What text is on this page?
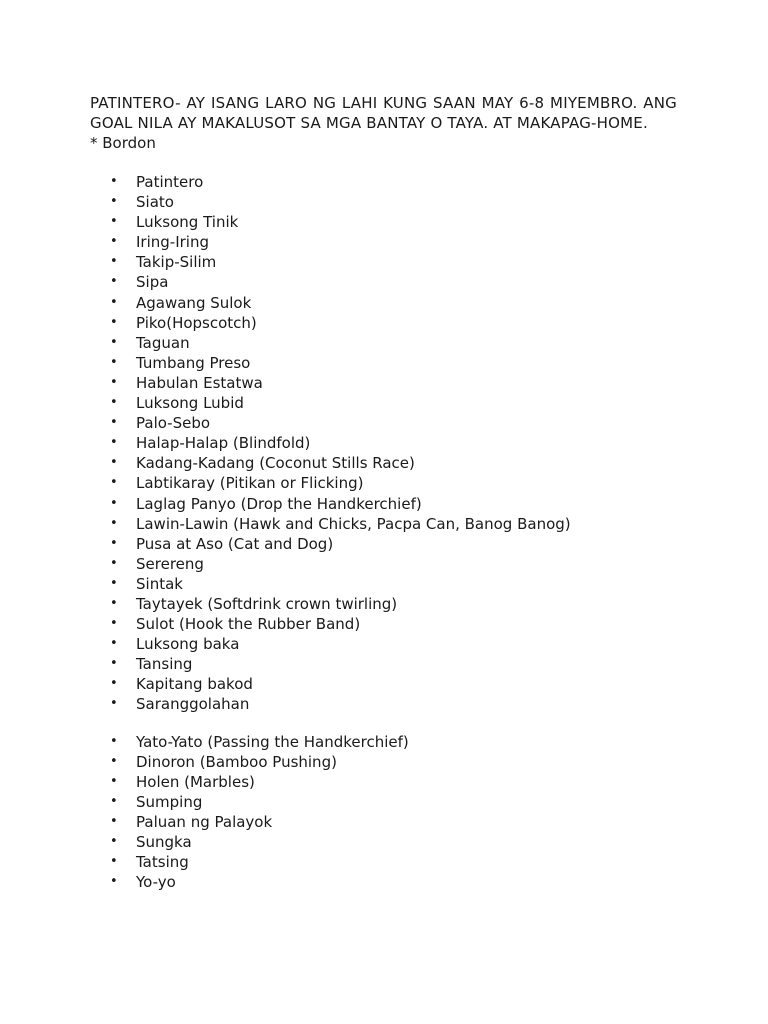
PATINTERO- AY ISANG LARO NG LAHI KUNG SAAN MAY 6-8 MIYEMBRO. ANG GOAL NILA AY MAKALUSOT SA MGA BANTAY O TAYA. AT MAKAPAG-HOME.

* Bordon

• Patintero
• Siato
• Luksong Tinik
• Iring-Iring
• Takip-Silim
• Sipa
• Agawang Sulok
• Piko(Hopscotch)
• Taguan
• Tumbang Preso
• Habulan Estatwa
• Luksong Lubid
• Palo-Sebo
• Halap-Halap (Blindfold)
• Kadang-Kadang (Coconut Stills Race)
• Labtikaray (Pitikan or Flicking)
• Laglag Panyo (Drop the Handkerchief)
• Lawin-Lawin (Hawk and Chicks, Pacpa Can, Banog Banog)
• Pusa at Aso (Cat and Dog)
• Serereng
• Sintak
• Taytayek (Softdrink crown twirling)
• Sulot (Hook the Rubber Band)
• Luksong baka
• Tansing
• Kapitang bakod
• Saranggolahan
• Yato-Yato (Passing the Handkerchief)
• Dinoron (Bamboo Pushing)
• Holen (Marbles)
• Sumping
• Paluan ng Palayok
• Sungka
• Tatsing
• Yo-yo
